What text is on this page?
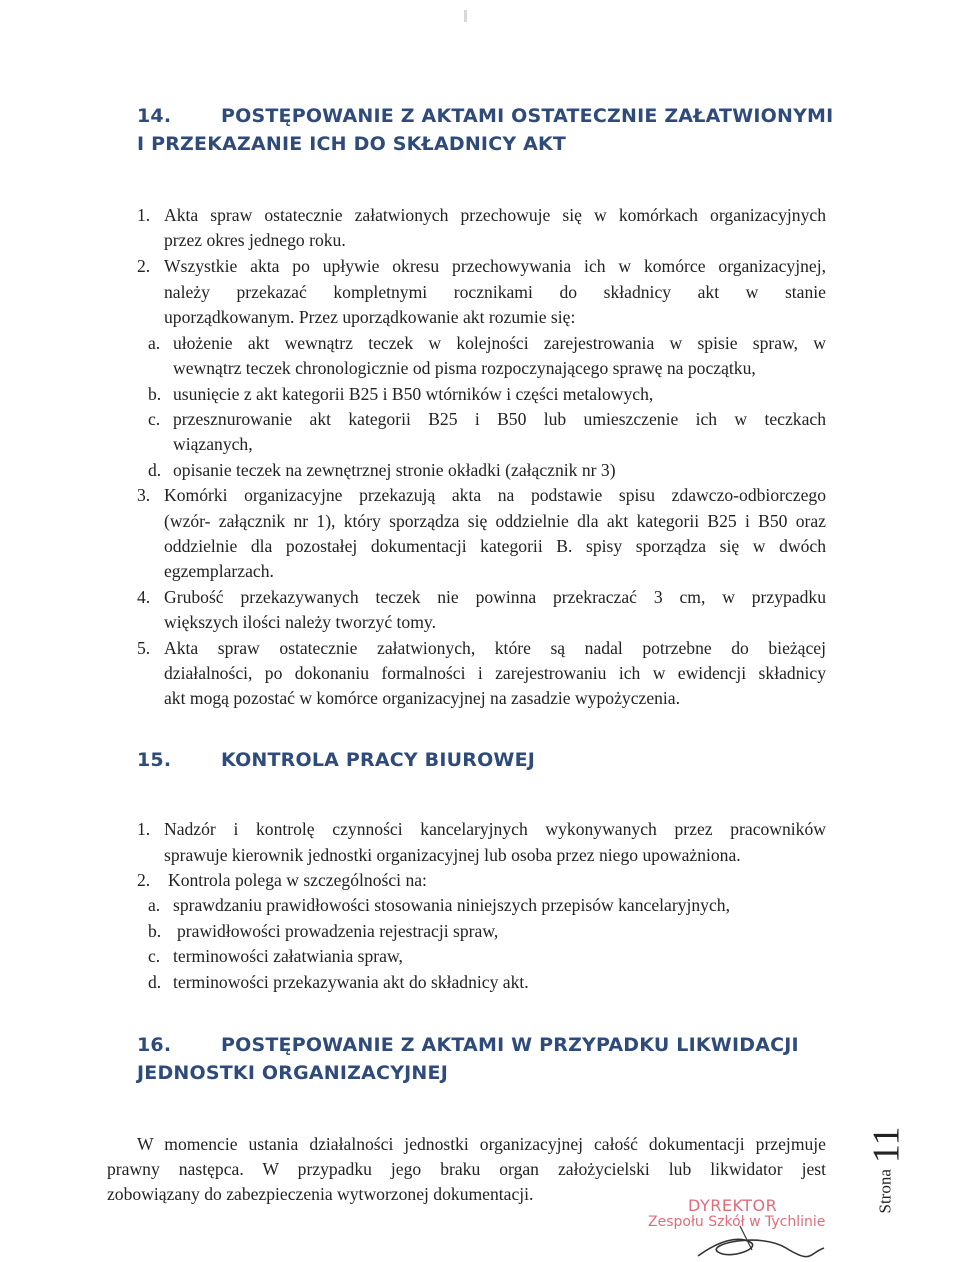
14.	POSTĘPOWANIE Z AKTAMI OSTATECZNIE ZAŁATWIONYMI
I PRZEKAZANIE ICH DO SKŁADNICY AKT
1. Akta spraw ostatecznie załatwionych przechowuje się w komórkach organizacyjnych
przez okres jednego roku.
2. Wszystkie akta po upływie okresu przechowywania ich w komórce organizacyjnej,
należy przekazać kompletnymi rocznikami do składnicy akt w stanie
uporządkowanym. Przez uporządkowanie akt rozumie się:
a. ułożenie akt wewnątrz teczek w kolejności zarejestrowania w spisie spraw, w
wewnątrz teczek chronologicznie od pisma rozpoczynającego sprawę na początku,
b. usunięcie z akt kategorii B25 i B50 wtórników i części metalowych,
c. przesznurowanie akt kategorii B25 i B50 lub umieszczenie ich w teczkach
wiązanych,
d. opisanie teczek na zewnętrznej stronie okładki (załącznik nr 3)
3. Komórki organizacyjne przekazują akta na podstawie spisu zdawczo-odbiorczego
(wzór- załącznik nr 1), który sporządza się oddzielnie dla akt kategorii B25 i B50 oraz
oddzielnie dla pozostałej dokumentacji kategorii B. spisy sporządza się w dwóch
egzemplarzach.
4. Grubość przekazywanych teczek nie powinna przekraczać 3 cm, w przypadku
większych ilości należy tworzyć tomy.
5. Akta spraw ostatecznie załatwionych, które są nadal potrzebne do bieżącej
działalności, po dokonaniu formalności i zarejestrowaniu ich w ewidencji składnicy
akt mogą pozostać w komórce organizacyjnej na zasadzie wypożyczenia.
15.	KONTROLA PRACY BIUROWEJ
1. Nadzór i kontrolę czynności kancelaryjnych wykonywanych przez pracowników
sprawuje kierownik jednostki organizacyjnej lub osoba przez niego upoważniona.
2. Kontrola polega w szczególności na:
a. sprawdzaniu prawidłowości stosowania niniejszych przepisów kancelaryjnych,
b. prawidłowości prowadzenia rejestracji spraw,
c. terminowości załatwiania spraw,
d. terminowości przekazywania akt do składnicy akt.
16.	POSTĘPOWANIE Z AKTAMI W PRZYPADKU LIKWIDACJI
JEDNOSTKI ORGANIZACYJNEJ
W momencie ustania działalności jednostki organizacyjnej całość dokumentacji przejmuje
prawny następca. W przypadku jego braku organ założycielski lub likwidator jest
zobowiązany do zabezpieczenia wytworzonej dokumentacji.	Strona11
DYREKTOR
Zespołu Szkół w Tychlinie
